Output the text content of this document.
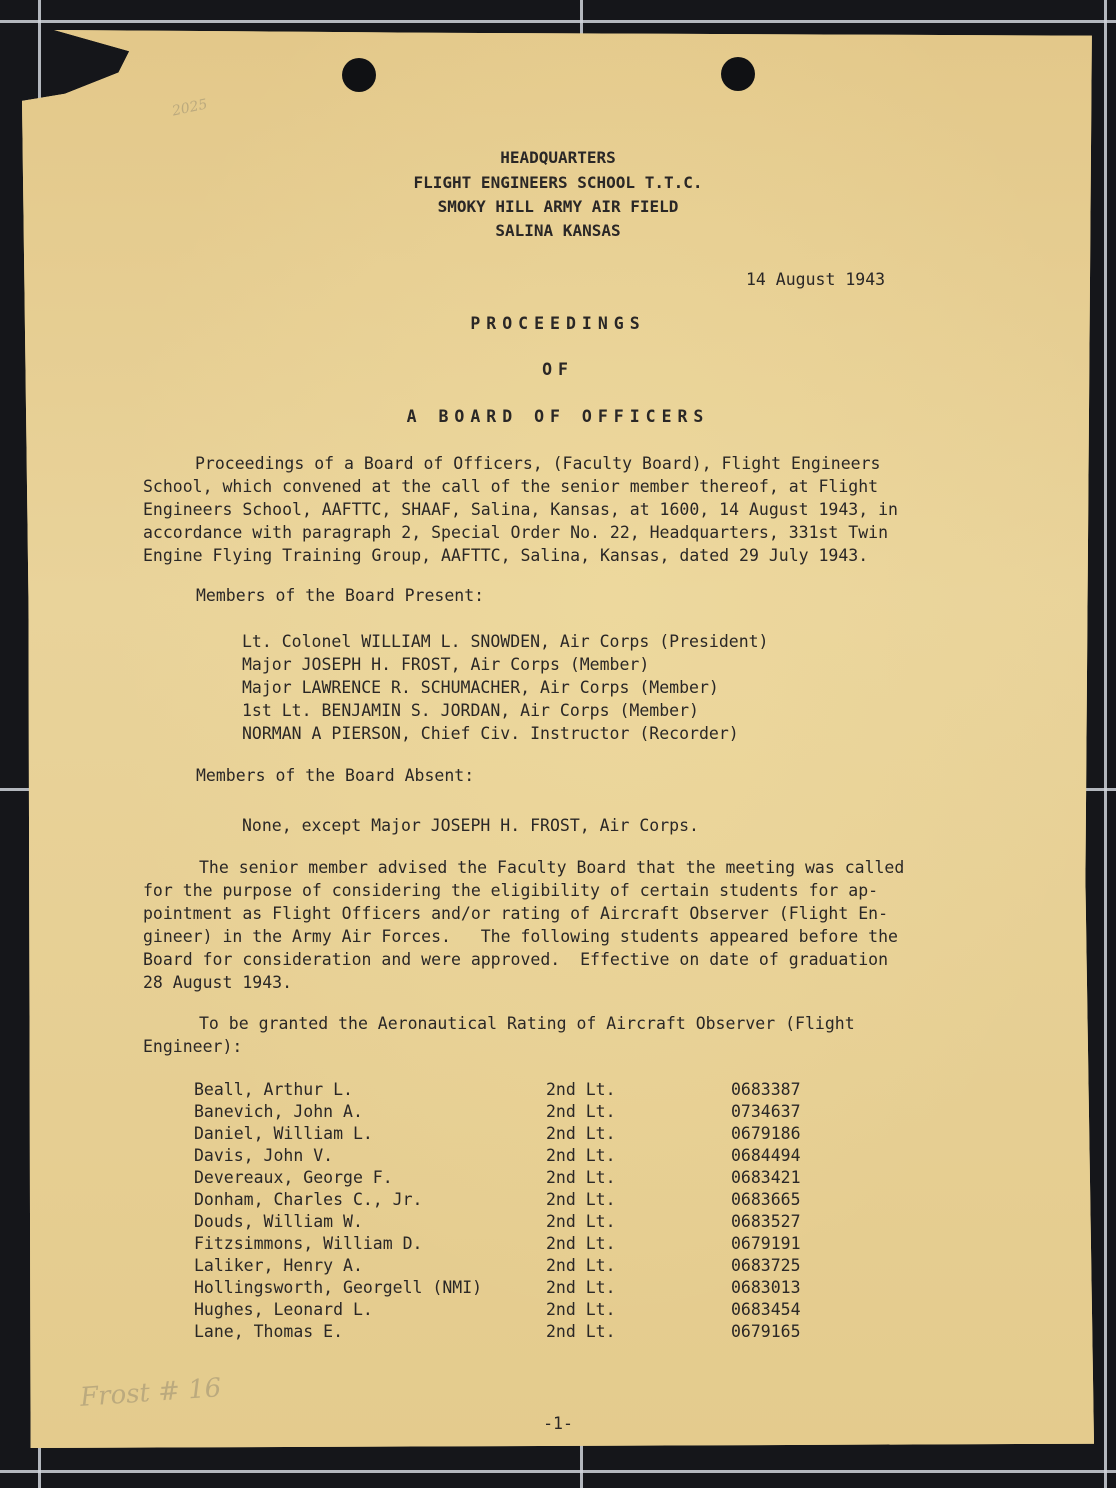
2025
Frost # 16
HEADQUARTERS
FLIGHT ENGINEERS SCHOOL T.T.C.
SMOKY HILL ARMY AIR FIELD
SALINA KANSAS
14 August 1943
PROCEEDINGS
OF
A BOARD OF OFFICERS

Proceedings of a Board of Officers, (Faculty Board), Flight Engineers

School, which convened at the call of the senior member thereof, at Flight

Engineers School, AAFTTC, SHAAF, Salina, Kansas, at 1600, 14 August 1943, in

accordance with paragraph 2, Special Order No. 22, Headquarters, 331st Twin

Engine Flying Training Group, AAFTTC, Salina, Kansas, dated 29 July 1943.

Members of the Board Present:
Lt. Colonel WILLIAM L. SNOWDEN, Air Corps (President)
Major JOSEPH H. FROST, Air Corps (Member)
Major LAWRENCE R. SCHUMACHER, Air Corps (Member)
1st Lt. BENJAMIN S. JORDAN, Air Corps (Member)
NORMAN A PIERSON, Chief Civ. Instructor (Recorder)
Members of the Board Absent:
None, except Major JOSEPH H. FROST, Air Corps.

The senior member advised the Faculty Board that the meeting was called

for the purpose of considering the eligibility of certain students for ap-

pointment as Flight Officers and/or rating of Aircraft Observer (Flight En-

gineer) in the Army Air Forces.   The following students appeared before the

Board for consideration and were approved.  Effective on date of graduation

28 August 1943.

To be granted the Aeronautical Rating of Aircraft Observer (Flight

Engineer):

Beall, Arthur L.	2nd Lt.	0683387
Banevich, John A.	2nd Lt.	0734637
Daniel, William L.	2nd Lt.	0679186
Davis, John V.	2nd Lt.	0684494
Devereaux, George F.	2nd Lt.	0683421
Donham, Charles C., Jr.	2nd Lt.	0683665
Douds, William W.	2nd Lt.	0683527
Fitzsimmons, William D.	2nd Lt.	0679191
Laliker, Henry A.	2nd Lt.	0683725
Hollingsworth, Georgell (NMI)	2nd Lt.	0683013
Hughes, Leonard L.	2nd Lt.	0683454
Lane, Thomas E.	2nd Lt.	0679165
-1-
